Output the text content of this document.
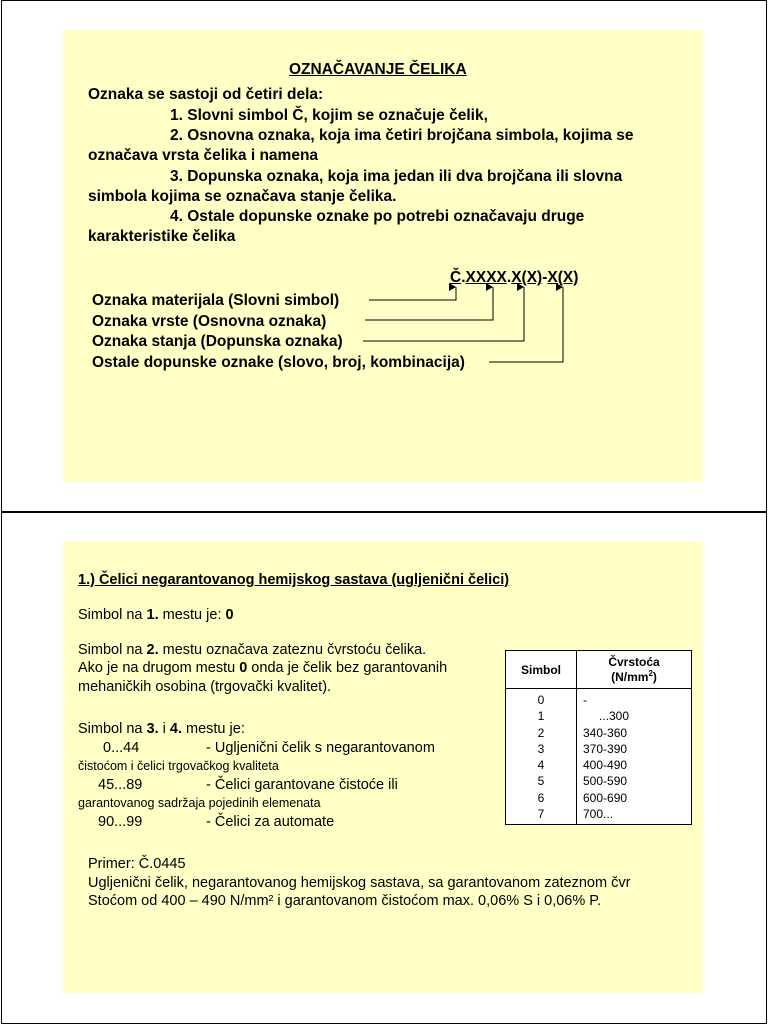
OZNAČAVANJE ČELIKA
Oznaka se sastoji od četiri dela:
1. Slovni simbol Č, kojim se označuje čelik,
2. Osnovna oznaka, koja ima četiri brojčana simbola, kojima se
označava vrsta čelika i namena
3. Dopunska oznaka, koja ima jedan ili dva brojčana ili slovna
simbola kojima se označava stanje čelika.
4. Ostale dopunske oznake po potrebi označavaju druge
karakteristike čelika
Č.XXXX.X(X)-X(X)
Oznaka materijala (Slovni simbol)
Oznaka vrste (Osnovna oznaka)
Oznaka stanja (Dopunska oznaka)
Ostale dopunske oznake (slovo, broj, kombinacija)
1.) Čelici negarantovanog hemijskog sastava (ugljenični čelici)
Simbol na 1. mestu je: 0
Simbol na 2. mestu označava zateznu čvrstoću čelika.
Ako je na drugom mestu 0 onda je čelik bez garantovanih
mehaničkih osobina (trgovački kvalitet).
Simbol na 3. i 4. mestu je:
0...44	- Ugljenični čelik s negarantovanom
čistoćom i čelici trgovačkog kvaliteta
45...89	- Čelici garantovane čistoće ili
garantovanog sadržaja pojedinih elemenata
90...99	- Čelici za automate
Simbol	Čvrstoća
$(N/mm^2)$

0	-
1	...300
2	340-360
3	370-390
4	400-490
5	500-590
6	600-690
7	700...
Primer: Č.0445
Ugljenični čelik, negarantovanog hemijskog sastava, sa garantovanom zateznom čvr
Stoćom od 400 – 490 N/mm² i garantovanom čistoćom max. 0,06% S i 0,06% P.
